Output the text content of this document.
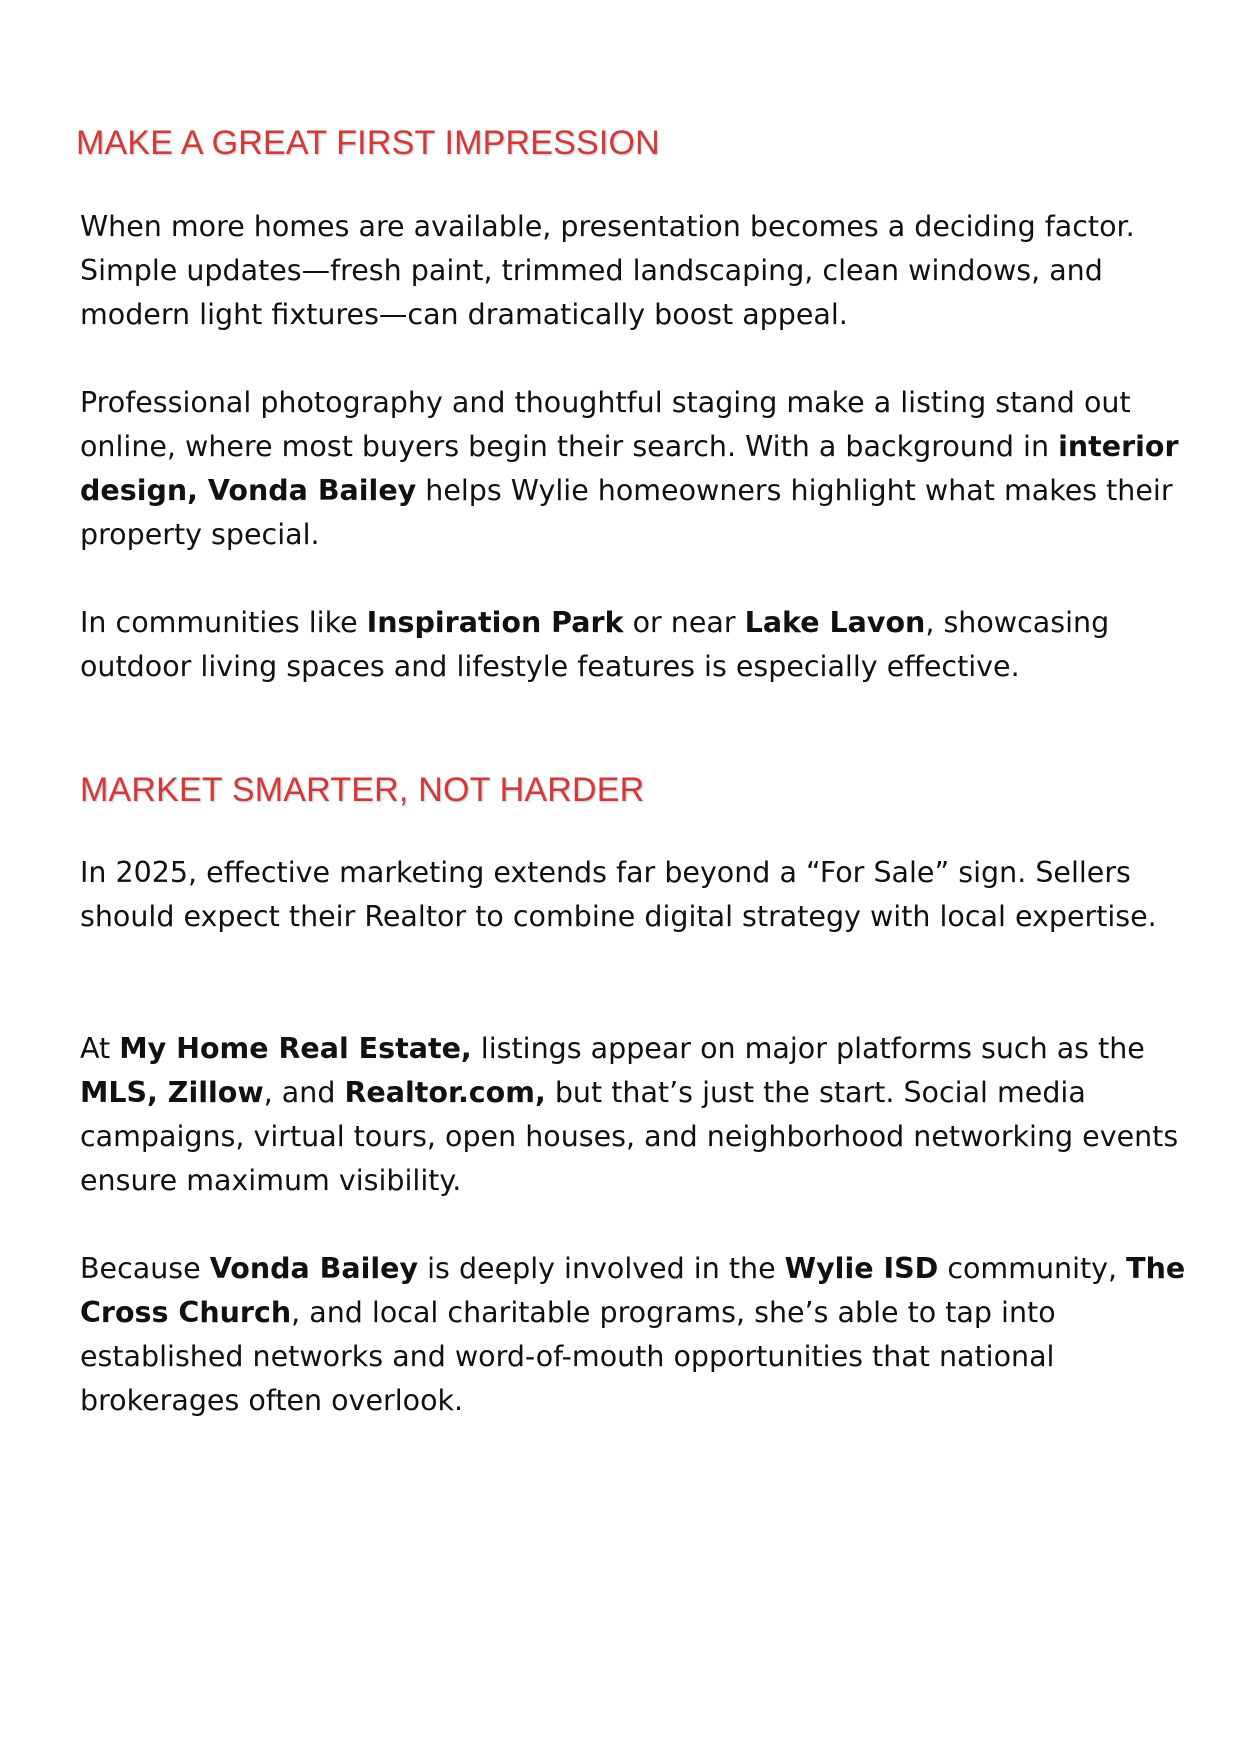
MAKE A GREAT FIRST IMPRESSION

When more homes are available, presentation becomes a deciding factor. Simple updates—fresh paint, trimmed landscaping, clean windows, and modern light fixtures—can dramatically boost appeal.

Professional photography and thoughtful staging make a listing stand out online, where most buyers begin their search. With a background in interior design, Vonda Bailey helps Wylie homeowners highlight what makes their property special.

In communities like Inspiration Park or near Lake Lavon, showcasing outdoor living spaces and lifestyle features is especially effective.

MARKET SMARTER, NOT HARDER

In 2025, effective marketing extends far beyond a “For Sale” sign. Sellers should expect their Realtor to combine digital strategy with local expertise.

At My Home Real Estate, listings appear on major platforms such as the MLS, Zillow, and Realtor.com, but that’s just the start. Social media campaigns, virtual tours, open houses, and neighborhood networking events ensure maximum visibility.

Because Vonda Bailey is deeply involved in the Wylie ISD community, The Cross Church, and local charitable programs, she’s able to tap into established networks and word-of-mouth opportunities that national brokerages often overlook.
